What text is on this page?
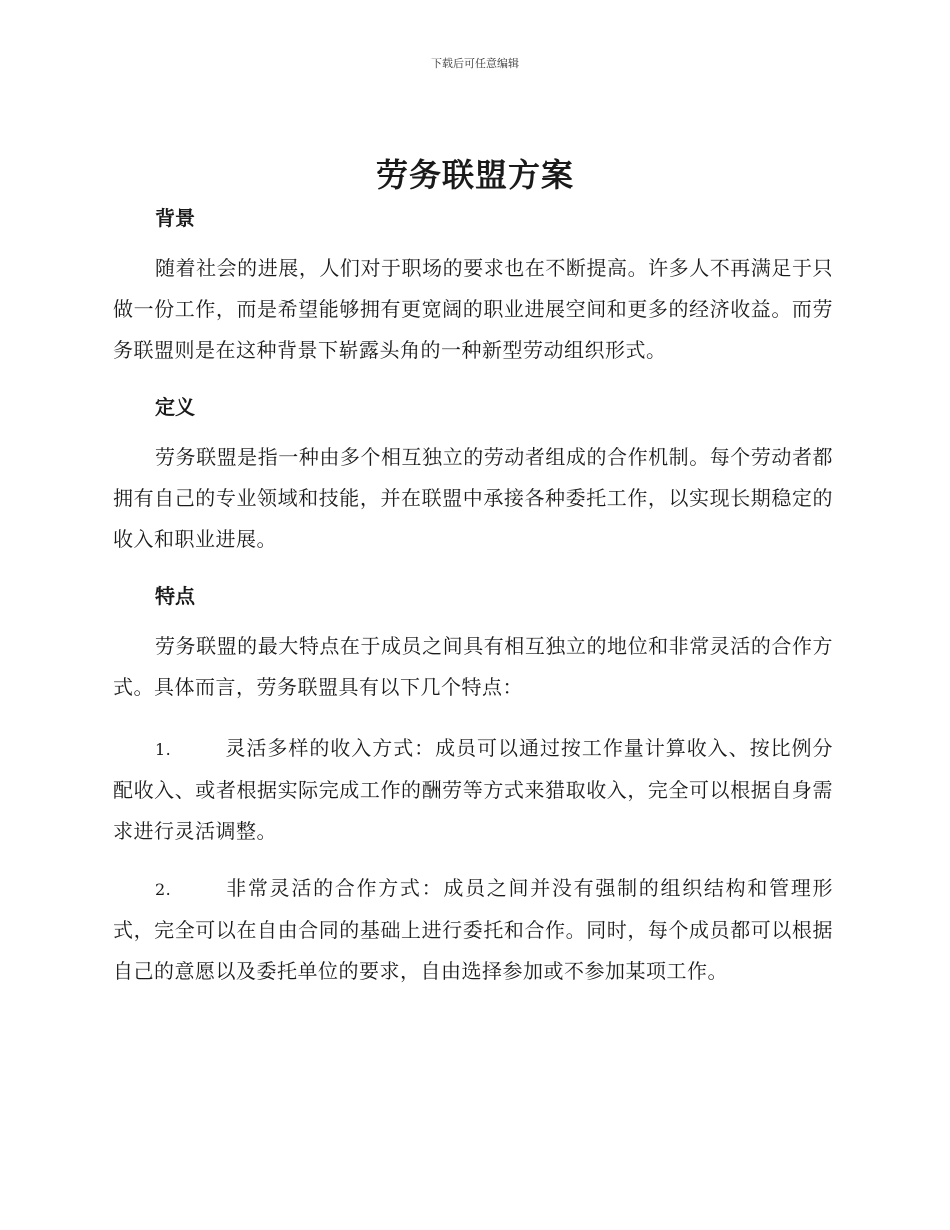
下载后可任意编辑
劳务联盟方案
背景

随着社会的进展，人们对于职场的要求也在不断提高。许多人不再满足于只做一份工作，而是希望能够拥有更宽阔的职业进展空间和更多的经济收益。而劳务联盟则是在这种背景下崭露头角的一种新型劳动组织形式。

定义

劳务联盟是指一种由多个相互独立的劳动者组成的合作机制。每个劳动者都拥有自己的专业领域和技能，并在联盟中承接各种委托工作，以实现长期稳定的收入和职业进展。

特点

劳务联盟的最大特点在于成员之间具有相互独立的地位和非常灵活的合作方式。具体而言，劳务联盟具有以下几个特点：

1.	灵活多样的收入方式：成员可以通过按工作量计算收入、按比例分配收入、或者根据实际完成工作的酬劳等方式来猎取收入，完全可以根据自身需求进行灵活调整。

2.	非常灵活的合作方式：成员之间并没有强制的组织结构和管理形式，完全可以在自由合同的基础上进行委托和合作。同时，每个成员都可以根据自己的意愿以及委托单位的要求，自由选择参加或不参加某项工作。
